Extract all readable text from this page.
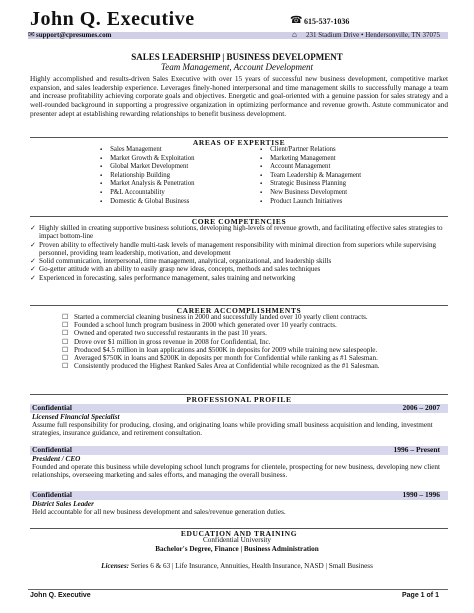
John Q. Executive	☎ 615-537-1036
✉ support@cpresumes.com	⌂ 231 Stadium Drive • Hendersonville, TN 37075
SALES LEADERSHIP | BUSINESS DEVELOPMENT
Team Management, Account Development
Highly accomplished and results-driven Sales Executive with over 15 years of successful new business development, competitive market expansion, and sales leadership experience. Leverages finely-honed interpersonal and time management skills to successfully manage a team and increase profitability achieving corporate goals and objectives. Energetic and goal-oriented with a genuine passion for sales strategy and a well-rounded background in supporting a progressive organization in optimizing performance and revenue growth. Astute communicator and presenter adept at establishing rewarding relationships to benefit business development.
AREAS OF EXPERTISE
▪ Sales Management
▪ Market Growth & Exploitation
▪ Global Market Development
▪ Relationship Building
▪ Market Analysis & Penetration
▪ P&L Accountability
▪ Domestic & Global Business
▪ Client/Partner Relations
▪ Marketing Management
▪ Account Management
▪ Team Leadership & Management
▪ Strategic Business Planning
▪ New Business Development
▪ Product Launch Initiatives
CORE COMPETENCIES
✓ Highly skilled in creating supportive business solutions, developing high-levels of revenue growth, and facilitating effective sales strategies to impact bottom-line
✓ Proven ability to effectively handle multi-task levels of management responsibility with minimal direction from superiors while supervising personnel, providing team leadership, motivation, and development
✓ Solid communication, interpersonal, time management, analytical, organizational, and leadership skills
✓ Go-getter attitude with an ability to easily grasp new ideas, concepts, methods and sales techniques
✓ Experienced in forecasting, sales performance management, sales training and networking
CAREER ACCOMPLISHMENTS
☐ Started a commercial cleaning business in 2000 and successfully landed over 10 yearly client contracts.
☐ Founded a school lunch program business in 2000 which generated over 10 yearly contracts.
☐ Owned and operated two successful restaurants in the past 10 years.
☐ Drove over $1 million in gross revenue in 2008 for Confidential, Inc.
☐ Produced $4.5 million in loan applications and $500K in deposits for 2009 while training new salespeople.
☐ Averaged $750K in loans and $200K in deposits per month for Confidential while ranking as #1 Salesman.
☐ Consistently produced the Highest Ranked Sales Area at Confidential while recognized as the #1 Salesman.
PROFESSIONAL PROFILE
Confidential	2006 – 2007
Licensed Financial Specialist
Assume full responsibility for producing, closing, and originating loans while providing small business acquisition and lending, investment strategies, insurance guidance, and retirement consultation.
Confidential	1996 – Present
President / CEO
Founded and operate this business while developing school lunch programs for clientele, prospecting for new business, developing new client relationships, overseeing marketing and sales efforts, and managing the overall business.
Confidential	1990 – 1996
District Sales Leader
Held accountable for all new business development and sales/revenue generation duties.
EDUCATION AND TRAINING
Confidential University
Bachelor's Degree, Finance | Business Administration
Licenses: Series 6 & 63 | Life Insurance, Annuities, Health Insurance, NASD | Small Business
John Q. Executive	Page 1 of 1
